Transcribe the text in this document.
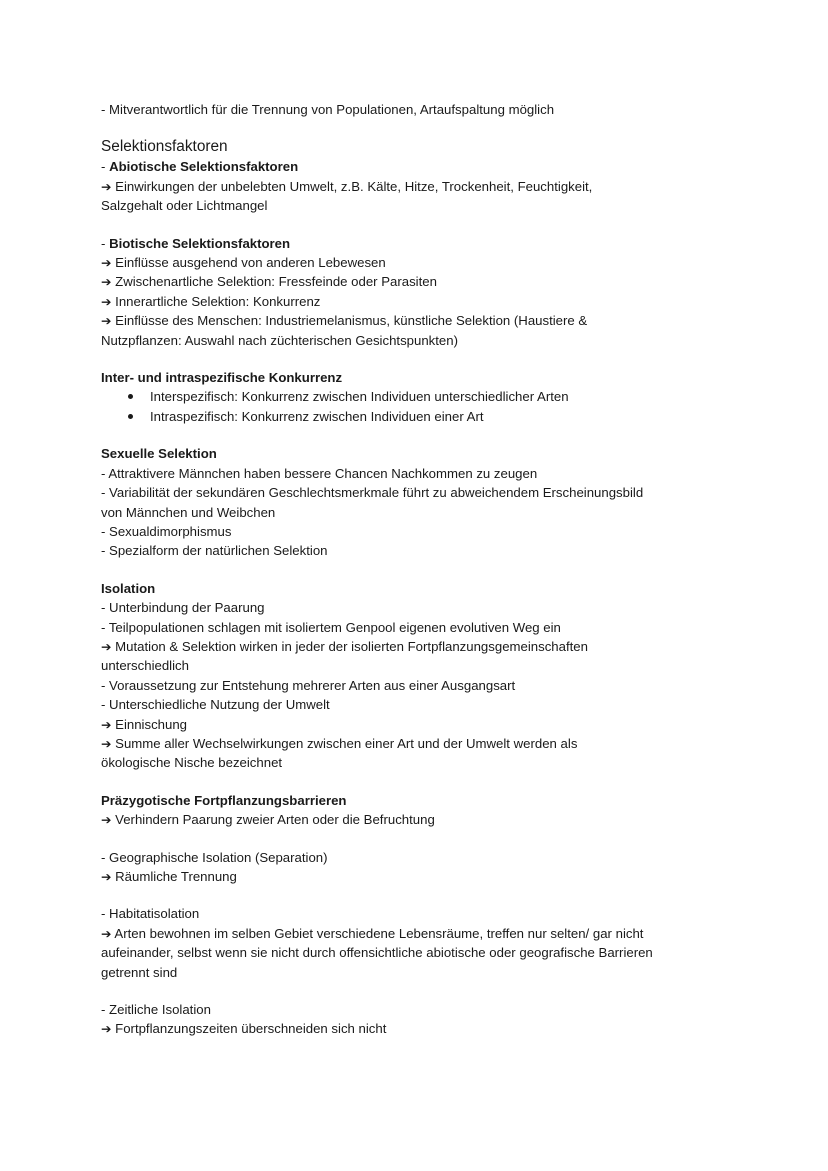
- Mitverantwortlich für die Trennung von Populationen, Artaufspaltung möglich
Selektionsfaktoren
- Abiotische Selektionsfaktoren
➔ Einwirkungen der unbelebten Umwelt, z.B. Kälte, Hitze, Trockenheit, Feuchtigkeit,
Salzgehalt oder Lichtmangel
- Biotische Selektionsfaktoren
➔ Einflüsse ausgehend von anderen Lebewesen
➔ Zwischenartliche Selektion: Fressfeinde oder Parasiten
➔ Innerartliche Selektion: Konkurrenz
➔ Einflüsse des Menschen: Industriemelanismus, künstliche Selektion (Haustiere &
Nutzpflanzen: Auswahl nach züchterischen Gesichtspunkten)
Inter- und intraspezifische Konkurrenz
Interspezifisch: Konkurrenz zwischen Individuen unterschiedlicher Arten
Intraspezifisch: Konkurrenz zwischen Individuen einer Art
Sexuelle Selektion
- Attraktivere Männchen haben bessere Chancen Nachkommen zu zeugen
- Variabilität der sekundären Geschlechtsmerkmale führt zu abweichendem Erscheinungsbild
von Männchen und Weibchen
- Sexualdimorphismus
- Spezialform der natürlichen Selektion
Isolation
- Unterbindung der Paarung
- Teilpopulationen schlagen mit isoliertem Genpool eigenen evolutiven Weg ein
➔ Mutation & Selektion wirken in jeder der isolierten Fortpflanzungsgemeinschaften
unterschiedlich
- Voraussetzung zur Entstehung mehrerer Arten aus einer Ausgangsart
- Unterschiedliche Nutzung der Umwelt
➔ Einnischung
➔ Summe aller Wechselwirkungen zwischen einer Art und der Umwelt werden als
ökologische Nische bezeichnet
Präzygotische Fortpflanzungsbarrieren
➔ Verhindern Paarung zweier Arten oder die Befruchtung
- Geographische Isolation (Separation)
➔ Räumliche Trennung
- Habitatisolation
➔ Arten bewohnen im selben Gebiet verschiedene Lebensräume, treffen nur selten/ gar nicht
aufeinander, selbst wenn sie nicht durch offensichtliche abiotische oder geografische Barrieren
getrennt sind
- Zeitliche Isolation
➔ Fortpflanzungszeiten überschneiden sich nicht
